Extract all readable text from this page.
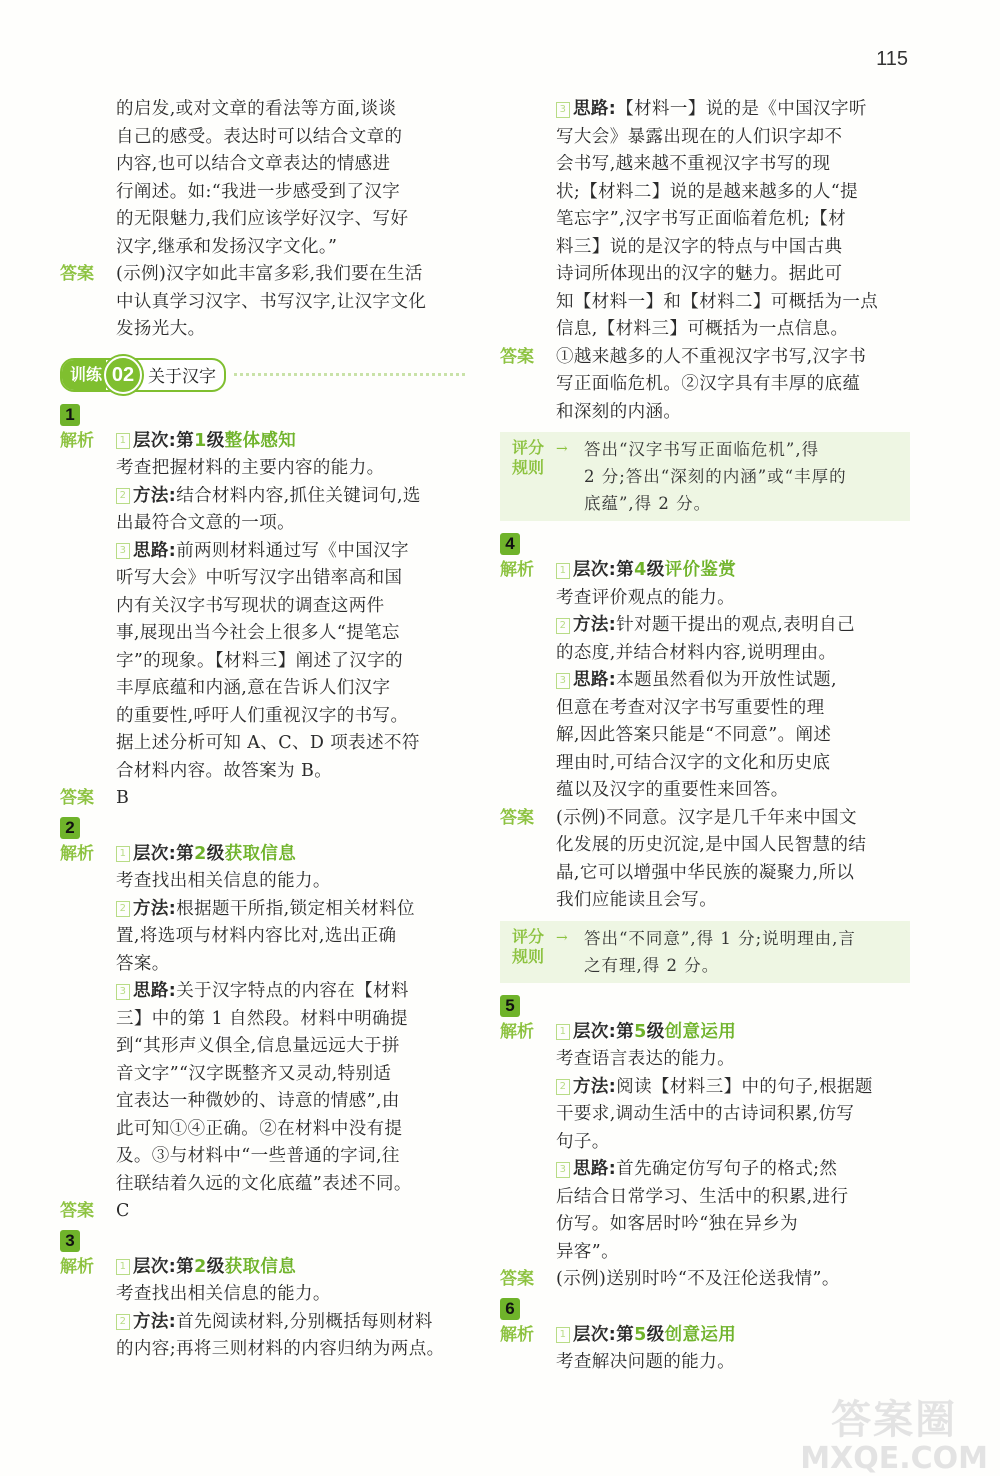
115

的启发,或对文章的看法等方面,谈谈

自己的感受。表达时可以结合文章的

内容,也可以结合文章表达的情感进

行阐述。如:“我进一步感受到了汉字

的无限魅力,我们应该学好汉字、写好

汉字,继承和发扬汉字文化。”

答案	(示例)汉字如此丰富多彩,我们要在生活

中认真学习汉字、书写汉字,让汉字文化

发扬光大。

训练 02 关于汉字
1
解析	1 层次:第1级整体感知

考查把握材料的主要内容的能力。

2 方法:结合材料内容,抓住关键词句,选

出最符合文意的一项。

3 思路:前两则材料通过写《中国汉字

听写大会》中听写汉字出错率高和国

内有关汉字书写现状的调查这两件

事,展现出当今社会上很多人“提笔忘

字”的现象。【材料三】阐述了汉字的

丰厚底蕴和内涵,意在告诉人们汉字

的重要性,呼吁人们重视汉字的书写。

据上述分析可知 A、C、D 项表述不符

合材料内容。故答案为 B。

答案	B
2
解析	1 层次:第2级获取信息

考查找出相关信息的能力。

2 方法:根据题干所指,锁定相关材料位

置,将选项与材料内容比对,选出正确

答案。

3 思路:关于汉字特点的内容在【材料

三】中的第 1 自然段。材料中明确提

到“其形声义俱全,信息量远远大于拼

音文字”“汉字既整齐又灵动,特别适

宜表达一种微妙的、诗意的情感”,由

此可知①④正确。②在材料中没有提

及。③与材料中“一些普通的字词,往

往联结着久远的文化底蕴”表述不同。

答案	C
3
解析	1 层次:第2级获取信息

考查找出相关信息的能力。

2 方法:首先阅读材料,分别概括每则材料

的内容;再将三则材料的内容归纳为两点。

3 思路:【材料一】说的是《中国汉字听

写大会》暴露出现在的人们识字却不

会书写,越来越不重视汉字书写的现

状;【材料二】说的是越来越多的人“提

笔忘字”,汉字书写正面临着危机;【材

料三】说的是汉字的特点与中国古典

诗词所体现出的汉字的魅力。据此可

知【材料一】和【材料二】可概括为一点

信息,【材料三】可概括为一点信息。

答案	①越来越多的人不重视汉字书写,汉字书

写正面临危机。②汉字具有丰厚的底蕴

和深刻的内涵。

评分
规则
→ 答出“汉字书写正面临危机”,得
2 分;答出“深刻的内涵”或“丰厚的
底蕴”,得 2 分。
4
解析	1 层次:第4级评价鉴赏

考查评价观点的能力。

2 方法:针对题干提出的观点,表明自己

的态度,并结合材料内容,说明理由。

3 思路:本题虽然看似为开放性试题,

但意在考查对汉字书写重要性的理

解,因此答案只能是“不同意”。阐述

理由时,可结合汉字的文化和历史底

蕴以及汉字的重要性来回答。

答案	(示例)不同意。汉字是几千年来中国文

化发展的历史沉淀,是中国人民智慧的结

晶,它可以增强中华民族的凝聚力,所以

我们应能读且会写。

评分
规则
→ 答出“不同意”,得 1 分;说明理由,言
之有理,得 2 分。
5
解析	1 层次:第5级创意运用

考查语言表达的能力。

2 方法:阅读【材料三】中的句子,根据题

干要求,调动生活中的古诗词积累,仿写

句子。

3 思路:首先确定仿写句子的格式;然

后结合日常学习、生活中的积累,进行

仿写。如客居时吟“独在异乡为

异客”。

答案	(示例)送别时吟“不及汪伦送我情”。
6
解析	1 层次:第5级创意运用

考查解决问题的能力。

答案圈
MXQE.COM
